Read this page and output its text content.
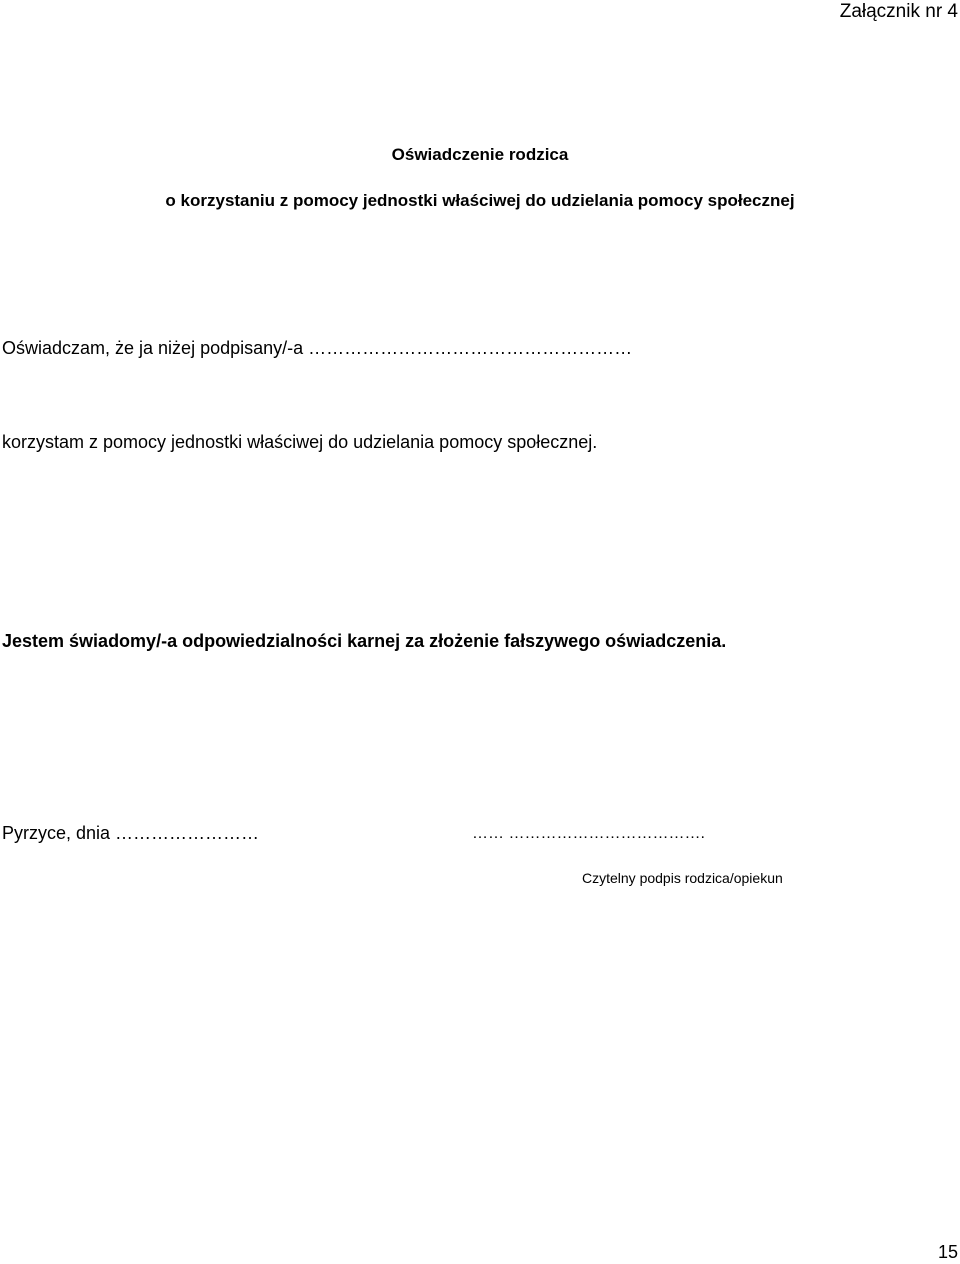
Załącznik nr 4
Oświadczenie rodzica
o korzystaniu z pomocy jednostki właściwej do udzielania pomocy społecznej
Oświadczam, że ja niżej podpisany/-a ………………………………………………
korzystam z pomocy jednostki właściwej do udzielania pomocy społecznej.
Jestem świadomy/-a odpowiedzialności karnej za złożenie fałszywego oświadczenia.
Pyrzyce, dnia ……………………	…… ……………………………….
Czytelny podpis rodzica/opiekun
15
